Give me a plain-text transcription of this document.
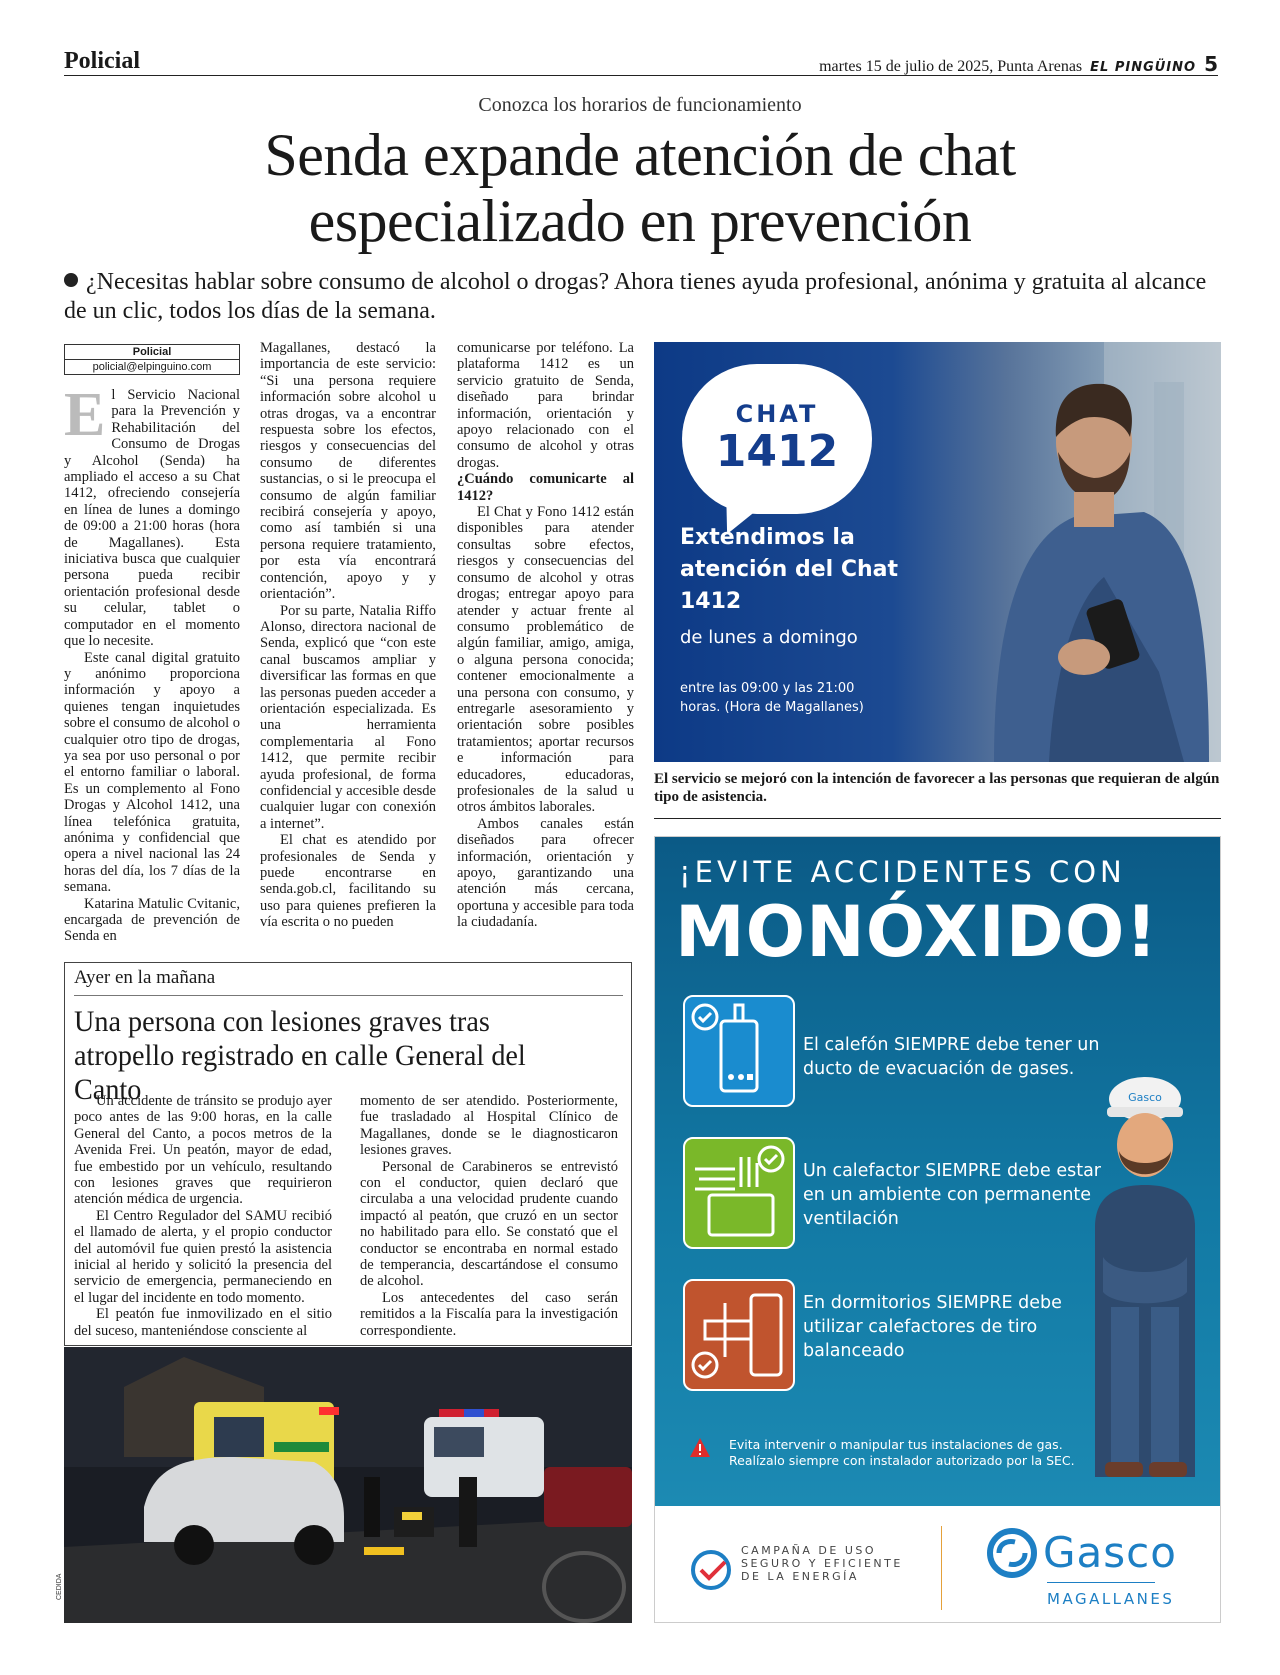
Policial	martes 15 de julio de 2025, Punta Arenas EL PINGÜINO 5
Conozca los horarios de funcionamiento
Senda expande atención de chat
especializado en prevención
¿Necesitas hablar sobre consumo de alcohol o drogas? Ahora tienes ayuda profesional, anónima y gratuita al alcance de un clic, todos los días de la semana.
Policial
policial@elpinguino.com

El Servicio Nacional para la Prevención y Rehabilitación del Consumo de Drogas y Alcohol (Senda) ha ampliado el acceso a su Chat 1412, ofreciendo consejería en línea de lunes a domingo de 09:00 a 21:00 horas (hora de Magallanes). Esta iniciativa busca que cualquier persona pueda recibir orientación profesional desde su celular, tablet o computador en el momento que lo necesite.

Este canal digital gratuito y anónimo proporciona información y apoyo a quienes tengan inquietudes sobre el consumo de alcohol o cualquier otro tipo de drogas, ya sea por uso personal o por el entorno familiar o laboral. Es un complemento al Fono Drogas y Alcohol 1412, una línea telefónica gratuita, anónima y confidencial que opera a nivel nacional las 24 horas del día, los 7 días de la semana.

Katarina Matulic Cvitanic, encargada de prevención de Senda en

Magallanes, destacó la importancia de este servicio: “Si una persona requiere información sobre alcohol u otras drogas, va a encontrar respuesta sobre los efectos, riesgos y consecuencias del consumo de diferentes sustancias, o si le preocupa el consumo de algún familiar recibirá consejería y apoyo, como así también si una persona requiere tratamiento, por esta vía encontrará contención, apoyo y y orientación”.

Por su parte, Natalia Riffo Alonso, directora nacional de Senda, explicó que “con este canal buscamos ampliar y diversificar las formas en que las personas pueden acceder a orientación especializada. Es una herramienta complementaria al Fono 1412, que permite recibir ayuda profesional, de forma confidencial y accesible desde cualquier lugar con conexión a internet”.

El chat es atendido por profesionales de Senda y puede encontrarse en senda.gob.cl, facilitando su uso para quienes prefieren la vía escrita o no pueden

comunicarse por teléfono. La plataforma 1412 es un servicio gratuito de Senda, diseñado para brindar información, orientación y apoyo relacionado con el consumo de alcohol y otras drogas.

¿Cuándo comunicarte al 1412?

El Chat y Fono 1412 están disponibles para atender consultas sobre efectos, riesgos y consecuencias del consumo de alcohol y otras drogas; entregar apoyo para atender y actuar frente al consumo problemático de algún familiar, amigo, amiga, o alguna persona conocida; contener emocionalmente a una persona con consumo, y entregarle asesoramiento y orientación sobre posibles tratamientos; aportar recursos e información para educadores, educadoras, profesionales de la salud u otros ámbitos laborales.

Ambos canales están diseñados para ofrecer información, orientación y apoyo, garantizando una atención más cercana, oportuna y accesible para toda la ciudadanía.

CHAT
1412
Extendimos la atención del Chat 1412
de lunes a domingo
entre las 09:00 y las 21:00 horas. (Hora de Magallanes)
El servicio se mejoró con la intención de favorecer a las personas que requieran de algún tipo de asistencia.
Ayer en la mañana
Una persona con lesiones graves tras atropello registrado en calle General del Canto

Un accidente de tránsito se produjo ayer poco antes de las 9:00 horas, en la calle General del Canto, a pocos metros de la Avenida Frei. Un peatón, mayor de edad, fue embestido por un vehículo, resultando con lesiones graves que requirieron atención médica de urgencia.

El Centro Regulador del SAMU recibió el llamado de alerta, y el propio conductor del automóvil fue quien prestó la asistencia inicial al herido y solicitó la presencia del servicio de emergencia, permaneciendo en el lugar del incidente en todo momento.

El peatón fue inmovilizado en el sitio del suceso, manteniéndose consciente al

momento de ser atendido. Posteriormente, fue trasladado al Hospital Clínico de Magallanes, donde se le diagnosticaron lesiones graves.

Personal de Carabineros se entrevistó con el conductor, quien declaró que circulaba a una velocidad prudente cuando impactó al peatón, que cruzó en un sector no habilitado para ello. Se constató que el conductor se encontraba en normal estado de temperancia, descartándose el consumo de alcohol.

Los antecedentes del caso serán remitidos a la Fiscalía para la investigación correspondiente.

CEDIDA
¡EVITE ACCIDENTES CON
MONÓXIDO!
El calefón SIEMPRE debe tener un ducto de evacuación de gases.
Un calefactor SIEMPRE debe estar en un ambiente con permanente ventilación
En dormitorios SIEMPRE debe utilizar calefactores de tiro balanceado
Gasco
Evita intervenir o manipular tus instalaciones de gas.
Realízalo siempre con instalador autorizado por la SEC.
CAMPAÑA DE USO
SEGURO Y EFICIENTE
DE LA ENERGÍA	Gasco
MAGALLANES
